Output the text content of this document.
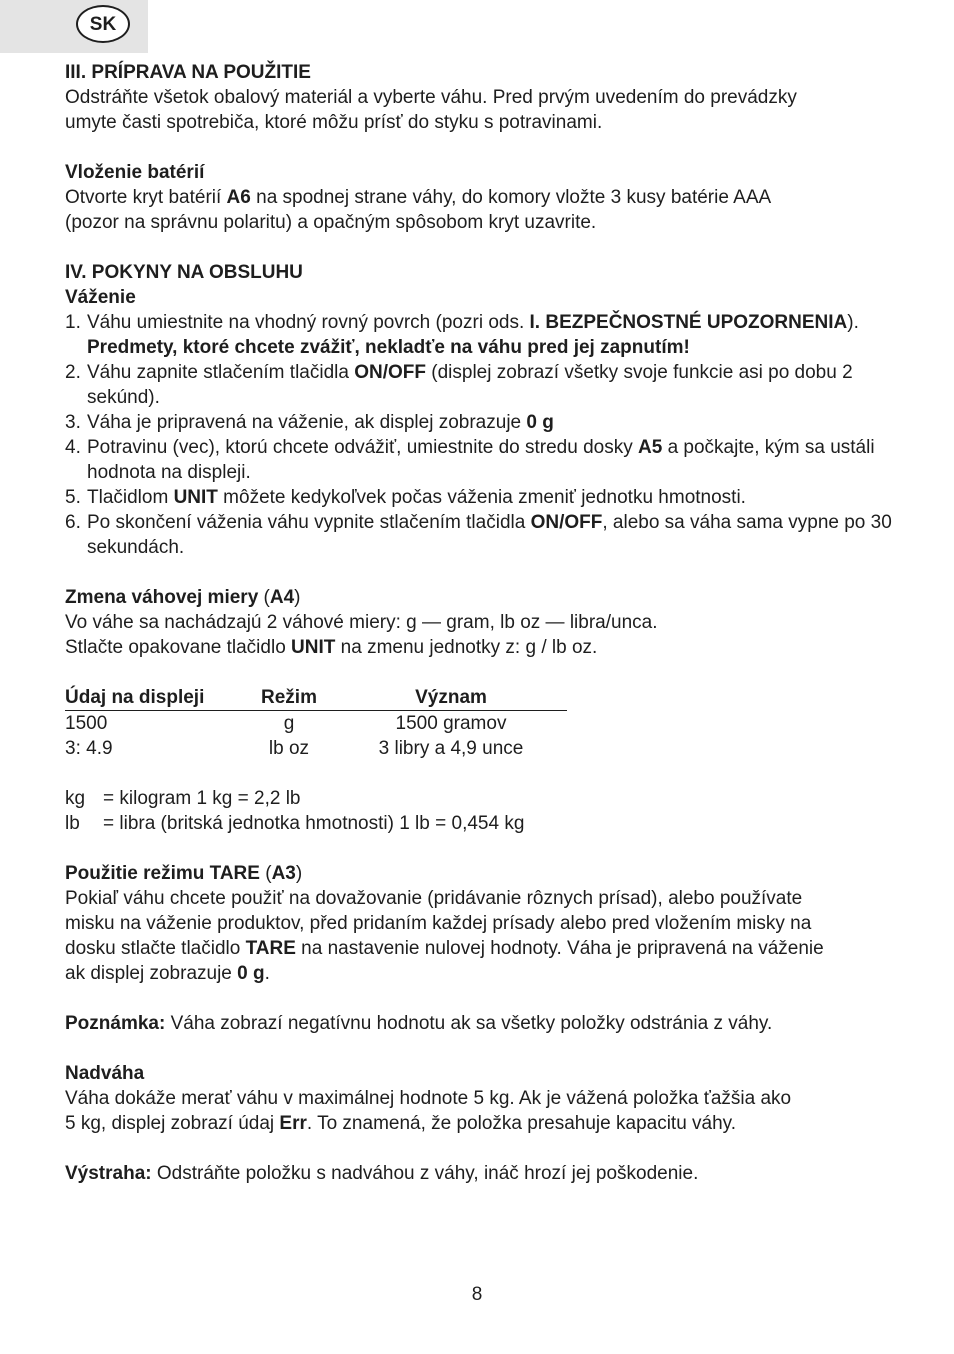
SK

III. PRÍPRAVA NA POUŽITIE

Odstráňte všetok obalový materiál a vyberte váhu. Pred prvým uvedením do prevádzky

umyte časti spotrebiča, ktoré môžu prísť do styku s potravinami.

Vloženie batérií

Otvorte kryt batérií A6 na spodnej strane váhy, do komory vložte 3 kusy batérie AAA

(pozor na správnu polaritu) a opačným spôsobom kryt uzavrite.

IV. POKYNY NA OBSLUHU

Váženie

1. Váhu umiestnite na vhodný rovný povrch (pozri ods. I. BEZPEČNOSTNÉ UPOZORNENIA). Predmety, ktoré chcete zvážiť, nekladťe na váhu pred jej zapnutím!
2. Váhu zapnite stlačením tlačidla ON/OFF (displej zobrazí všetky svoje funkcie asi po dobu 2 sekúnd).
3. Váha je pripravená na váženie, ak displej zobrazuje 0 g
4. Potravinu (vec), ktorú chcete odvážiť, umiestnite do stredu dosky A5 a počkajte, kým sa ustáli hodnota na displeji.
5. Tlačidlom UNIT môžete kedykoľvek počas váženia zmeniť jednotku hmotnosti.
6. Po skončení váženia váhu vypnite stlačením tlačidla ON/OFF, alebo sa váha sama vypne po 30 sekundách.

Zmena váhovej miery (A4)

Vo váhe sa nachádzajú 2 váhové miery: g — gram, lb oz — libra/unca.

Stlačte opakovane tlačidlo UNIT na zmenu jednotky z: g / lb oz.

Údaj na displeji	Režim	Význam
1500	g	1500 gramov
3: 4.9	lb oz	3 libry a 4,9 unce
kg = kilogram 1 kg = 2,2 lb
lb	= libra (britská jednotka hmotnosti) 1 lb = 0,454 kg

Použitie režimu TARE (A3)

Pokiaľ váhu chcete použiť na dovažovanie (pridávanie rôznych prísad), alebo používate

misku na váženie produktov, před pridaním každej prísady alebo pred vložením misky na

dosku stlačte tlačidlo TARE na nastavenie nulovej hodnoty. Váha je pripravená na váženie

ak displej zobrazuje 0 g.

Poznámka: Váha zobrazí negatívnu hodnotu ak sa všetky položky odstránia z váhy.

Nadváha

Váha dokáže merať váhu v maximálnej hodnote 5 kg. Ak je vážená položka ťažšia ako

5 kg, displej zobrazí údaj Err. To znamená, že položka presahuje kapacitu váhy.

Výstraha: Odstráňte položku s nadváhou z váhy, ináč hrozí jej poškodenie.

8
